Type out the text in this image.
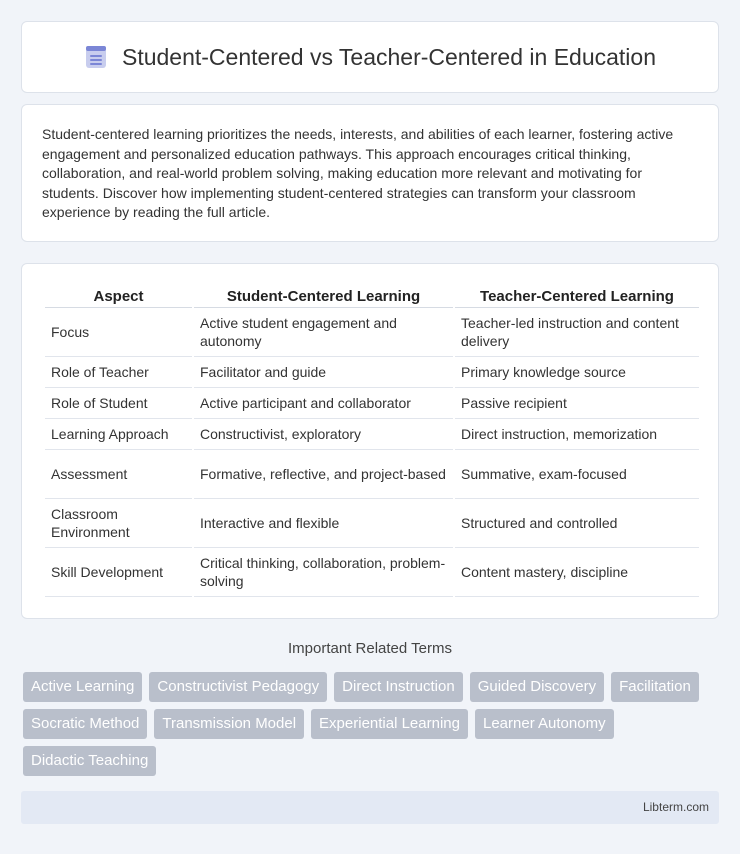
Student-Centered vs Teacher-Centered in Education

Student-centered learning prioritizes the needs, interests, and abilities of each learner, fostering active engagement and personalized education pathways. This approach encourages critical thinking, collaboration, and real-world problem solving, making education more relevant and motivating for students. Discover how implementing student-centered strategies can transform your classroom experience by reading the full article.

Aspect	Student-Centered Learning	Teacher-Centered Learning
Focus	Active student engagement and autonomy	Teacher-led instruction and content delivery
Role of Teacher	Facilitator and guide	Primary knowledge source
Role of Student	Active participant and collaborator	Passive recipient
Learning Approach	Constructivist, exploratory	Direct instruction, memorization
Assessment	Formative, reflective, and project-based	Summative, exam-focused
Classroom Environment	Interactive and flexible	Structured and controlled
Skill Development	Critical thinking, collaboration, problem-solving	Content mastery, discipline
Important Related Terms
Active Learning	Constructivist Pedagogy	Direct Instruction	Guided Discovery	Facilitation
Socratic Method	Transmission Model	Experiential Learning	Learner Autonomy
Didactic Teaching
Libterm.com
